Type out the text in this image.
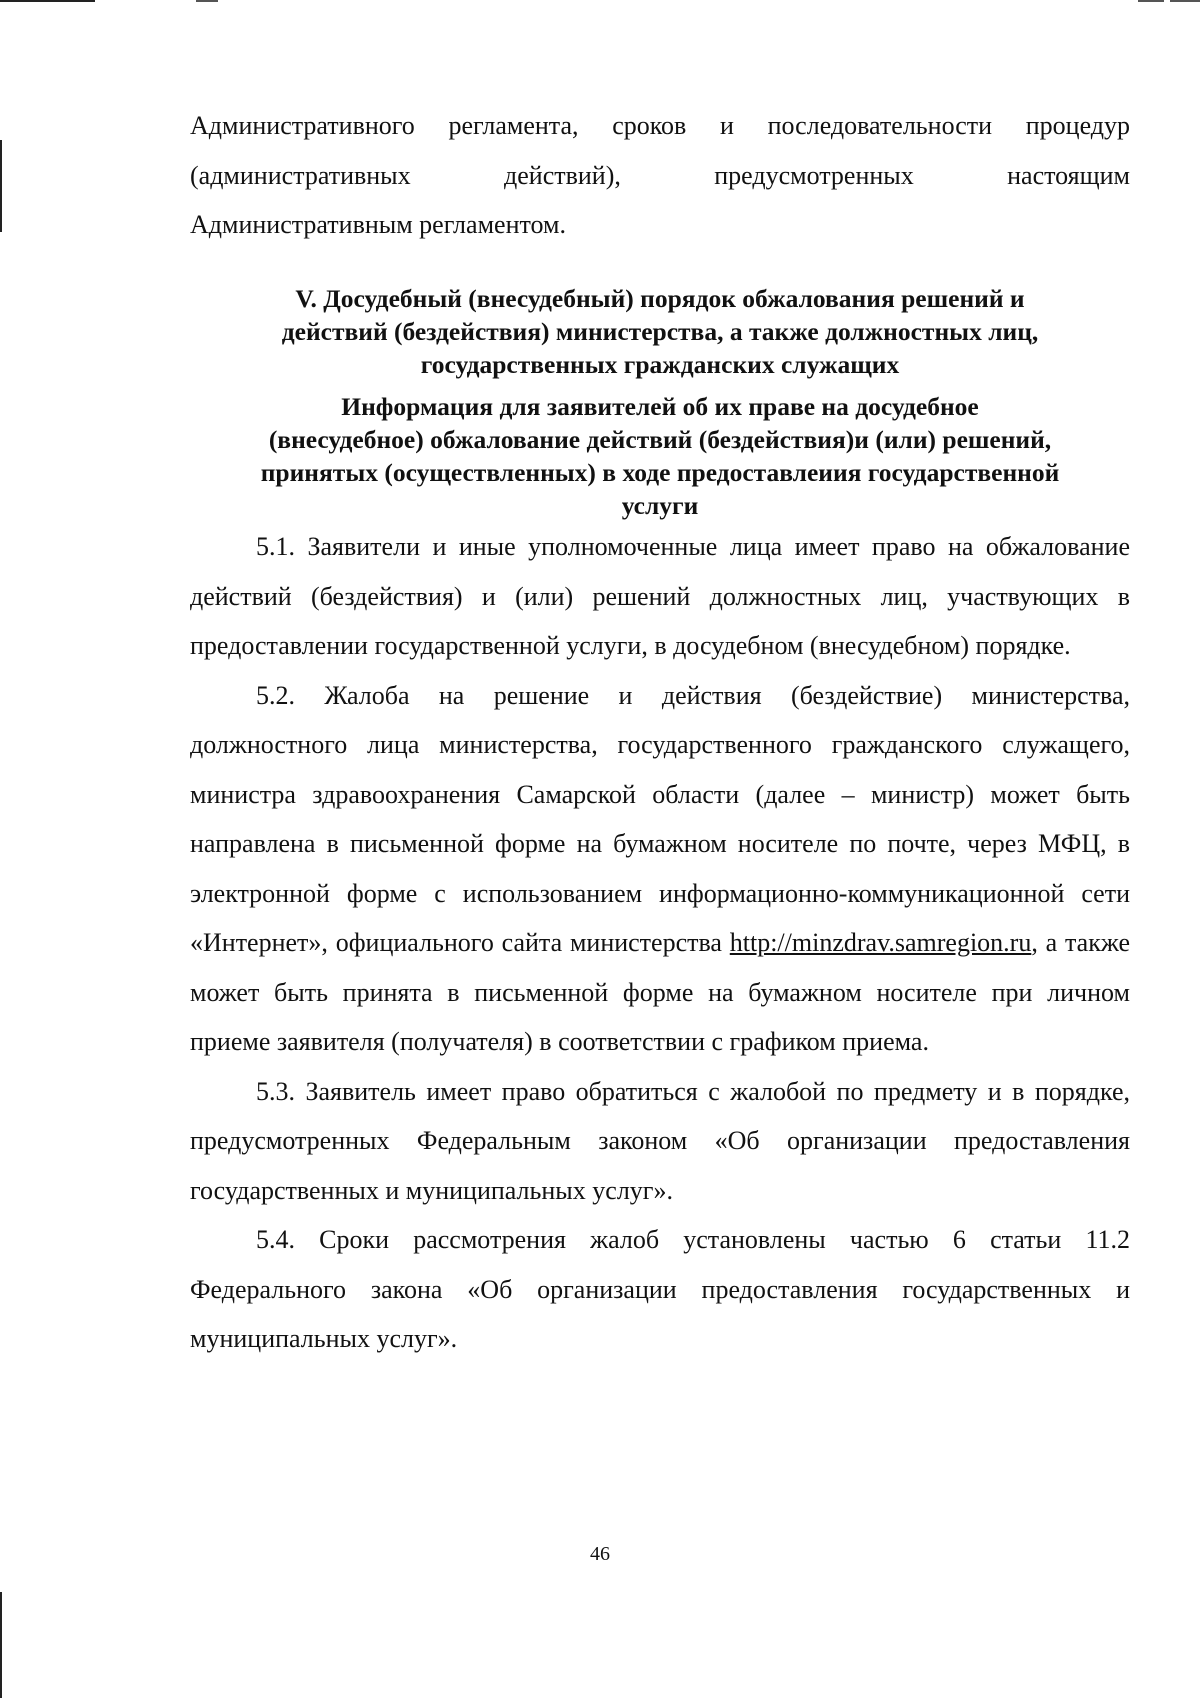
Административного регламента, сроков и последовательности процедур
(административных	действий),	предусмотренных	настоящим
Административным регламентом.

V. Досудебный (внесудебный) порядок обжалования решений и

действий (бездействия) министерства, а также должностных лиц,

государственных гражданских служащих

Информация для заявителей об их праве на досудебное

(внесудебное) обжалование действий (бездействия)и (или) решений,

принятых (осуществленных) в ходе предоставлеиия государственной

услуги

5.1. Заявители и иные уполномоченные лица имеет право на обжалование действий (бездействия) и (или) решений должностных лиц, участвующих в предоставлении государственной услуги, в досудебном (внесудебном) порядке.

5.2. Жалоба на решение и действия (бездействие) министерства, должностного лица министерства, государственного гражданского служащего, министра здравоохранения Самарской области (далее – министр) может быть направлена в письменной форме на бумажном носителе по почте, через МФЦ, в электронной форме с использованием информационно-коммуникационной сети «Интернет», официального сайта министерства http://minzdrav.samregion.ru, а также может быть принята в письменной форме на бумажном носителе при личном приеме заявителя (получателя) в соответствии с графиком приема.

5.3. Заявитель имеет право обратиться с жалобой по предмету и в порядке, предусмотренных Федеральным законом «Об организации предоставления государственных и муниципальных услуг».

5.4. Сроки рассмотрения жалоб установлены частью 6 статьи 11.2 Федерального закона «Об организации предоставления государственных и муниципальных услуг».

46
